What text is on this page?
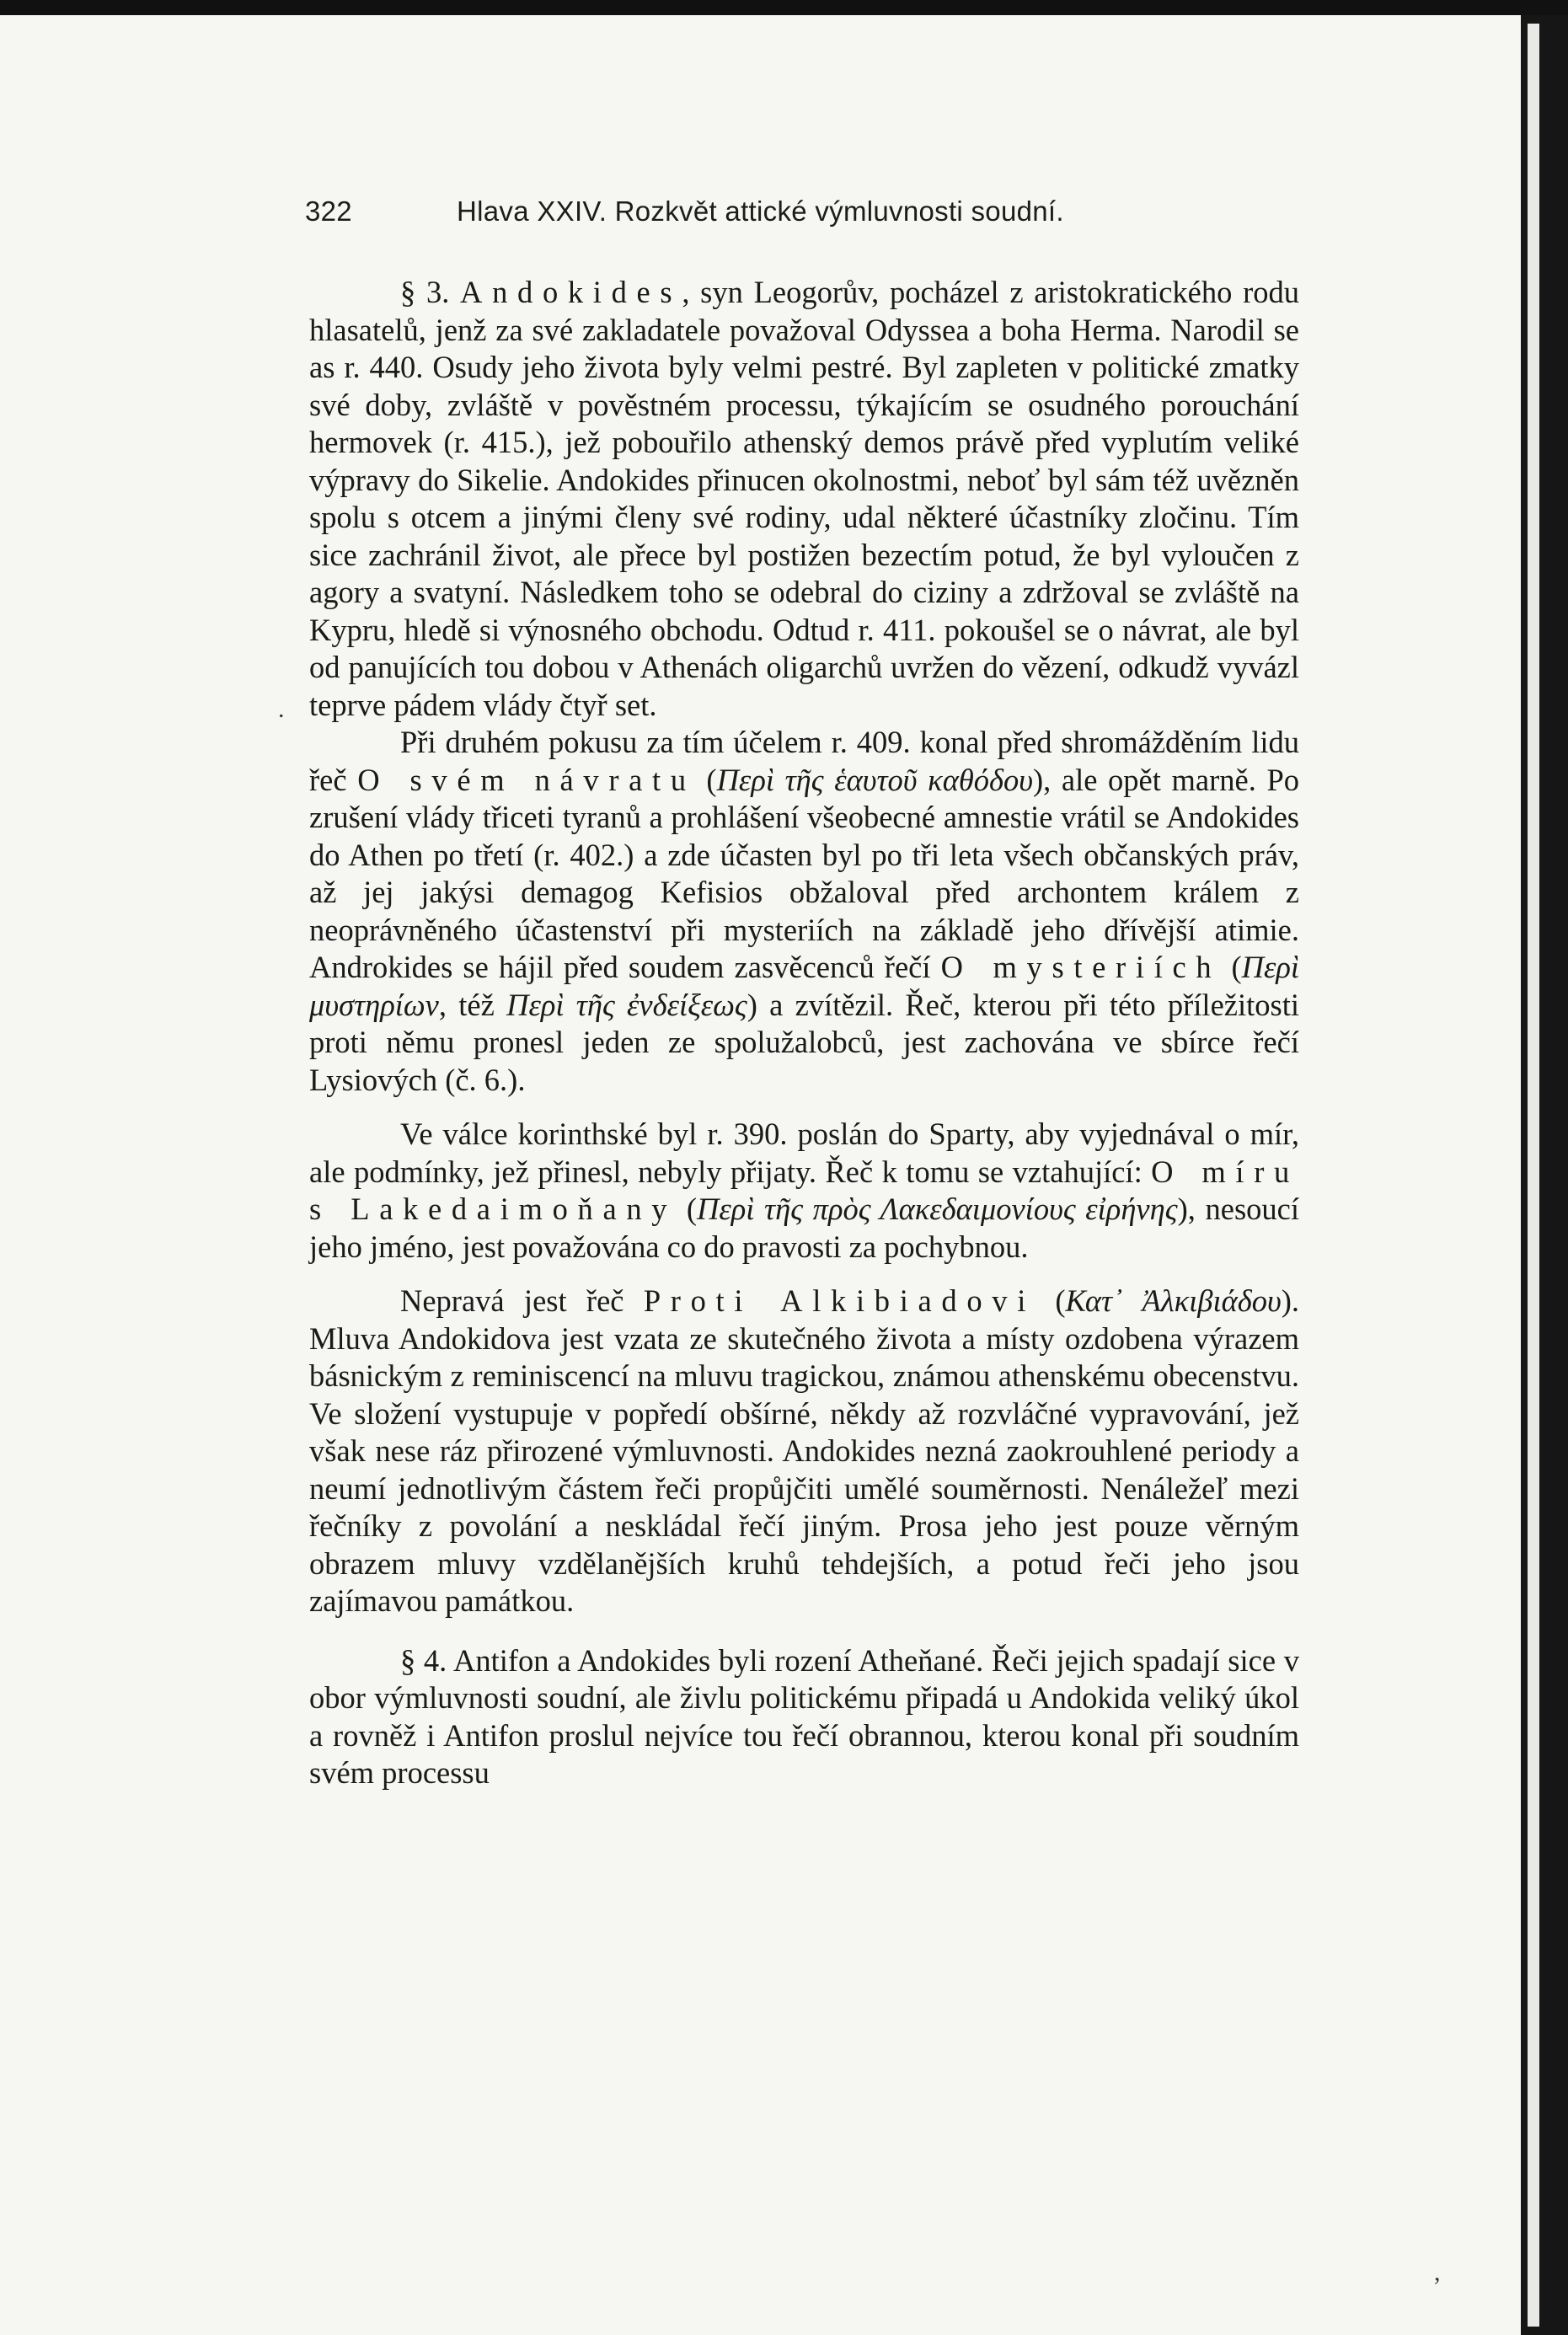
322	Hlava XXIV. Rozkvět attické výmluvnosti soudní.

§ 3. Andokides, syn Leogorův, pocházel z aristokratického rodu hlasatelů, jenž za své zakladatele považoval Odyssea a boha Herma. Narodil se as r. 440. Osudy jeho života byly velmi pestré. Byl zapleten v politické zmatky své doby, zvláště v pověstném processu, týkajícím se osudného porouchání hermovek (r. 415.), jež pobouřilo athenský demos právě před vyplutím veliké výpravy do Sikelie. Andokides přinucen okolnostmi, neboť byl sám též uvězněn spolu s otcem a jinými členy své rodiny, udal některé účastníky zločinu. Tím sice zachránil život, ale přece byl postižen bezectím potud, že byl vyloučen z agory a svatyní. Následkem toho se odebral do ciziny a zdržoval se zvláště na Kypru, hledě si výnosného obchodu. Odtud r. 411. pokoušel se o návrat, ale byl od panujících tou dobou v Athenách oligarchů uvržen do vězení, odkudž vyvázl teprve pádem vlády čtyř set.

Při druhém pokusu za tím účelem r. 409. konal před shromážděním lidu řeč O svém návratu (Περὶ τῆς ἑαυτοῦ καθόδου), ale opět marně. Po zrušení vlády třiceti tyranů a prohlášení všeobecné amnestie vrátil se Andokides do Athen po třetí (r. 402.) a zde účasten byl po tři leta všech občanských práv, až jej jakýsi demagog Kefisios obžaloval před archontem králem z neoprávněného účastenství při mysteriích na základě jeho dřívější atimie. Androkides se hájil před soudem zasvěcenců řečí O mysteriích (Περὶ μυστηρίων, též Περὶ τῆς ἐνδείξεως) a zvítězil. Řeč, kterou při této příležitosti proti němu pronesl jeden ze spolužalobců, jest zachována ve sbírce řečí Lysiových (č. 6.).

Ve válce korinthské byl r. 390. poslán do Sparty, aby vyjednával o mír, ale podmínky, jež přinesl, nebyly přijaty. Řeč k tomu se vztahující: O míru s Lakedaimoňany (Περὶ τῆς πρὸς Λακεδαιμονίους εἰρήνης), nesoucí jeho jméno, jest považována co do pravosti za pochybnou.

Nepravá jest řeč Proti Alkibiadovi (Κατ᾽ Ἀλκιβιάδου). Mluva Andokidova jest vzata ze skutečného života a místy ozdobena výrazem básnickým z reminiscencí na mluvu tragickou, známou athenskému obecenstvu. Ve složení vystupuje v popředí obšírné, někdy až rozvláčné vypravování, jež však nese ráz přirozené výmluvnosti. Andokides nezná zaokrouhlené periody a neumí jednotlivým částem řeči propůjčiti umělé souměrnosti. Nenáležeľ mezi řečníky z povolání a neskládal řečí jiným. Prosa jeho jest pouze věrným obrazem mluvy vzdělanějších kruhů tehdejších, a potud řeči jeho jsou zajímavou památkou.

§ 4. Antifon a Andokides byli rození Atheňané. Řeči jejich spadají sice v obor výmluvnosti soudní, ale živlu politickému připadá u Andokida veliký úkol a rovněž i Antifon proslul nejvíce tou řečí obrannou, kterou konal při soudním svém processu

.
,
